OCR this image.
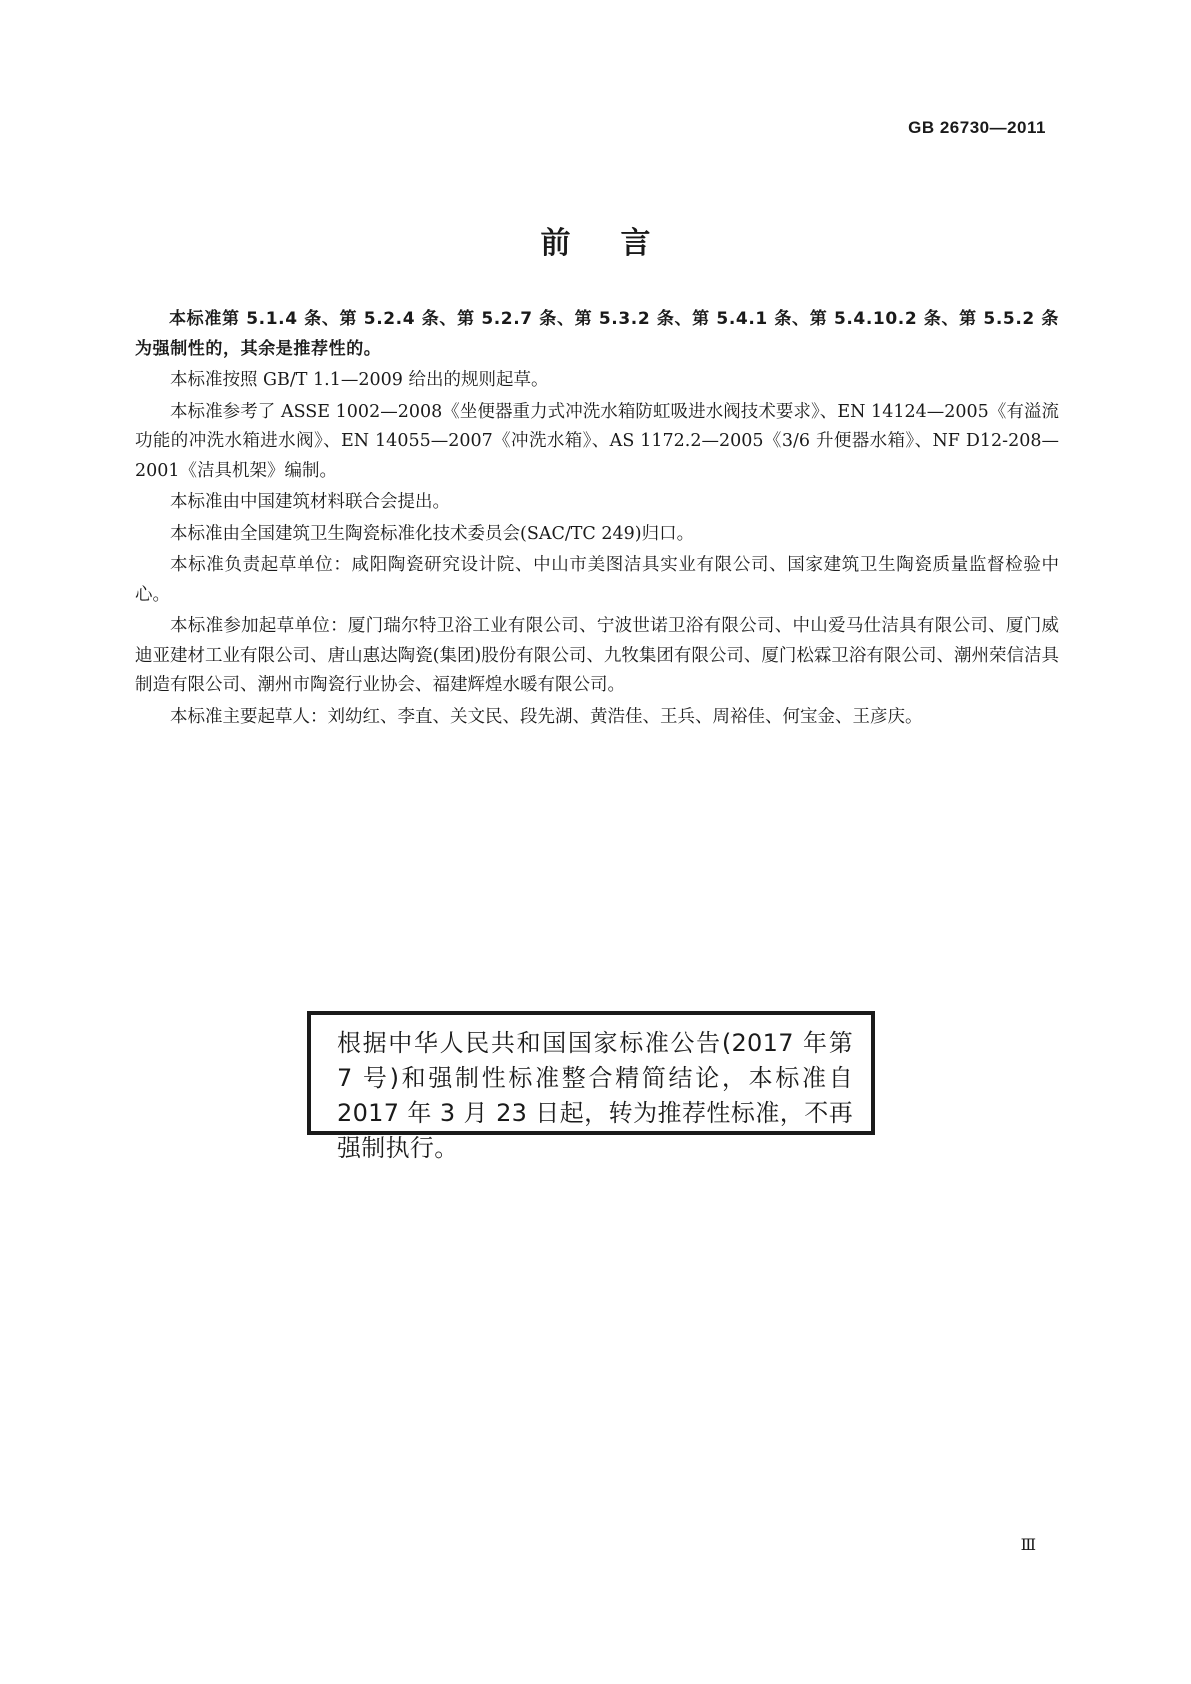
GB 26730—2011
前言

本标准第 5.1.4 条、第 5.2.4 条、第 5.2.7 条、第 5.3.2 条、第 5.4.1 条、第 5.4.10.2 条、第 5.5.2 条为强制性的，其余是推荐性的。

本标准按照 GB/T 1.1—2009 给出的规则起草。

本标准参考了 ASSE 1002—2008《坐便器重力式冲洗水箱防虹吸进水阀技术要求》、EN 14124—2005《有溢流功能的冲洗水箱进水阀》、EN 14055—2007《冲洗水箱》、AS 1172.2—2005《3/6 升便器水箱》、NF D12-208—2001《洁具机架》编制。

本标准由中国建筑材料联合会提出。

本标准由全国建筑卫生陶瓷标准化技术委员会(SAC/TC 249)归口。

本标准负责起草单位：咸阳陶瓷研究设计院、中山市美图洁具实业有限公司、国家建筑卫生陶瓷质量监督检验中心。

本标准参加起草单位：厦门瑞尔特卫浴工业有限公司、宁波世诺卫浴有限公司、中山爱马仕洁具有限公司、厦门威迪亚建材工业有限公司、唐山惠达陶瓷(集团)股份有限公司、九牧集团有限公司、厦门松霖卫浴有限公司、潮州荣信洁具制造有限公司、潮州市陶瓷行业协会、福建辉煌水暖有限公司。

本标准主要起草人：刘幼红、李直、关文民、段先湖、黄浩佳、王兵、周裕佳、何宝金、王彦庆。

根据中华人民共和国国家标准公告(2017 年第 7 号)和强制性标准整合精简结论，本标准自 2017 年 3 月 23 日起，转为推荐性标准，不再强制执行。
Ⅲ
